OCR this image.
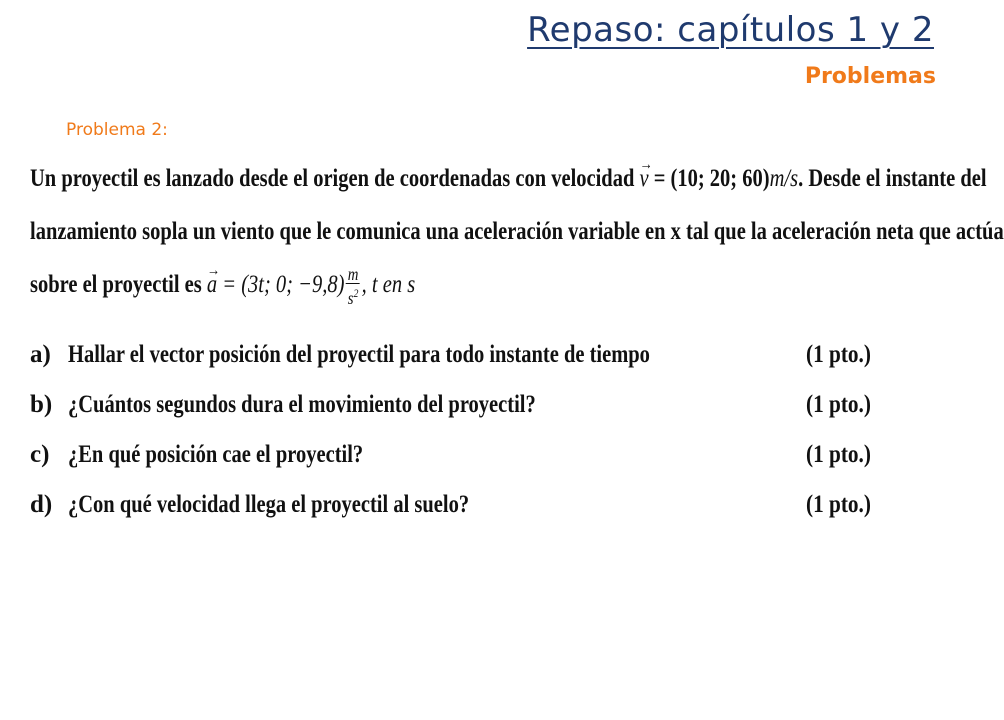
Repaso: capítulos 1 y 2
Problemas
Problema 2:
Un proyectil es lanzado desde el origen de coordenadas con velocidad → v = (10; 20; 60)m/s. Desde el instante del
lanzamiento sopla un viento que le comunica una aceleración variable en x tal que la aceleración neta que actúa
sobre el proyectil es → a = (3t; 0; $-9,8) \frac{m}{s^2}$ , t en s
a) Hallar el vector posición del proyectil para todo instante de tiempo	(1 pto.)
b) ¿Cuántos segundos dura el movimiento del proyectil?	(1 pto.)
c) ¿En qué posición cae el proyectil?	(1 pto.)
d) ¿Con qué velocidad llega el proyectil al suelo?	(1 pto.)
